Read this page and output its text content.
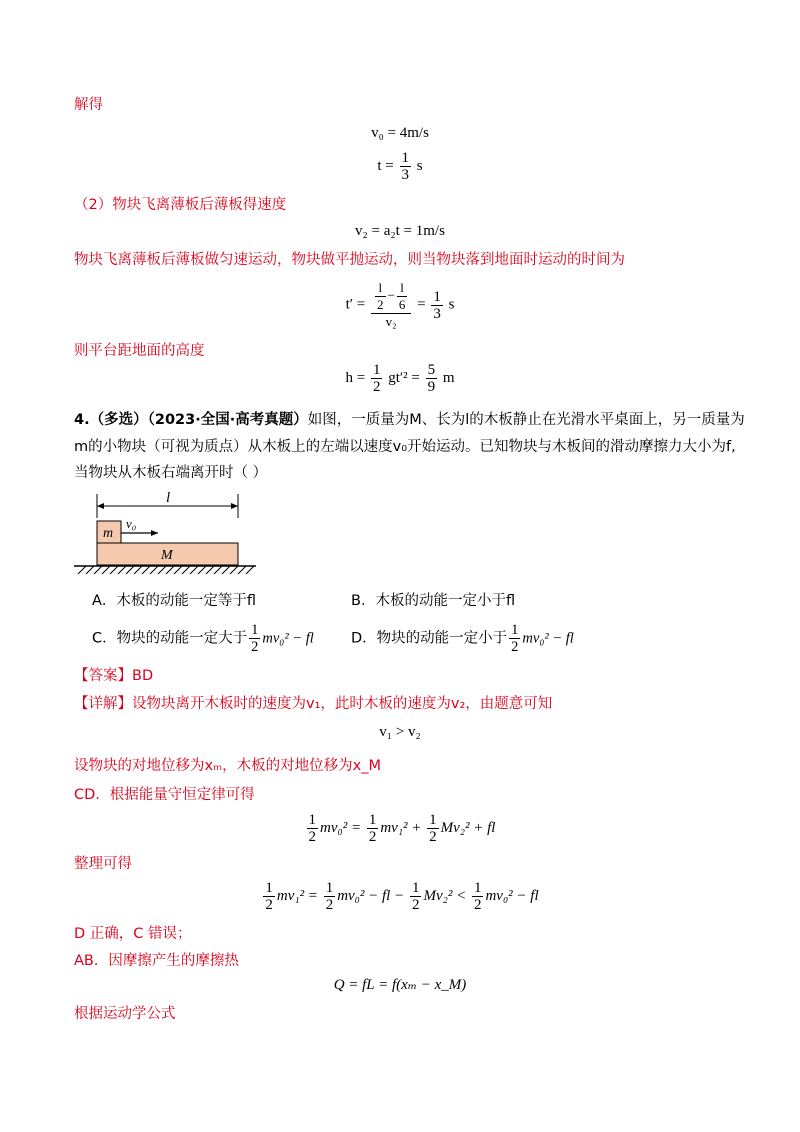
解得
v₀ = 4m/s
$t = \frac{1}{3}$ s
（2）物块飞离薄板后薄板得速度
v₂ = a₂t = 1m/s
物块飞离薄板后薄板做匀速运动，物块做平抛运动，则当物块落到地面时运动的时间为
$t' = \frac{\frac{l}{2} - \frac{l}{6}}{\text{v₂}} = \frac{1}{3}$ s
则平台距地面的高度
$h = \frac{1}{2} gt'^2 = \frac{5}{9}$ m
4.（多选）（2023·全国·高考真题）如图，一质量为M、长为l的木板静止在光滑水平桌面上，另一质量为
m的小物块（可视为质点）从木板上的左端以速度v₀开始运动。已知物块与木板间的滑动摩擦力大小为f,
当物块从木板右端离开时（ ）
l
m
v₀
M
A．木板的动能一定等于fl	B．木板的动能一定小于fl
C．物块的动能一定大于 $\frac{1}{2} mv_0^2$ − fl	D．物块的动能一定小于 $\frac{1}{2} mv_0^2$ − fl
【答案】BD
【详解】设物块离开木板时的速度为v₁，此时木板的速度为v₂，由题意可知
v₁ > v₂
设物块的对地位移为xₘ，木板的对地位移为x_M
CD．根据能量守恒定律可得
$\frac{1}{2} mv_0^2 = \frac{1}{2} mv_1^2 + \frac{1}{2} Mv_2^2$ + fl
整理可得
$\frac{1}{2} mv_1^2 = \frac{1}{2} mv_0^2$ − fl − $\frac{1}{2} Mv_2^2 < \frac{1}{2} mv_0^2$ − fl
D 正确，C 错误；
AB．因摩擦产生的摩擦热
Q = fL = f(xₘ − x_M)
根据运动学公式
